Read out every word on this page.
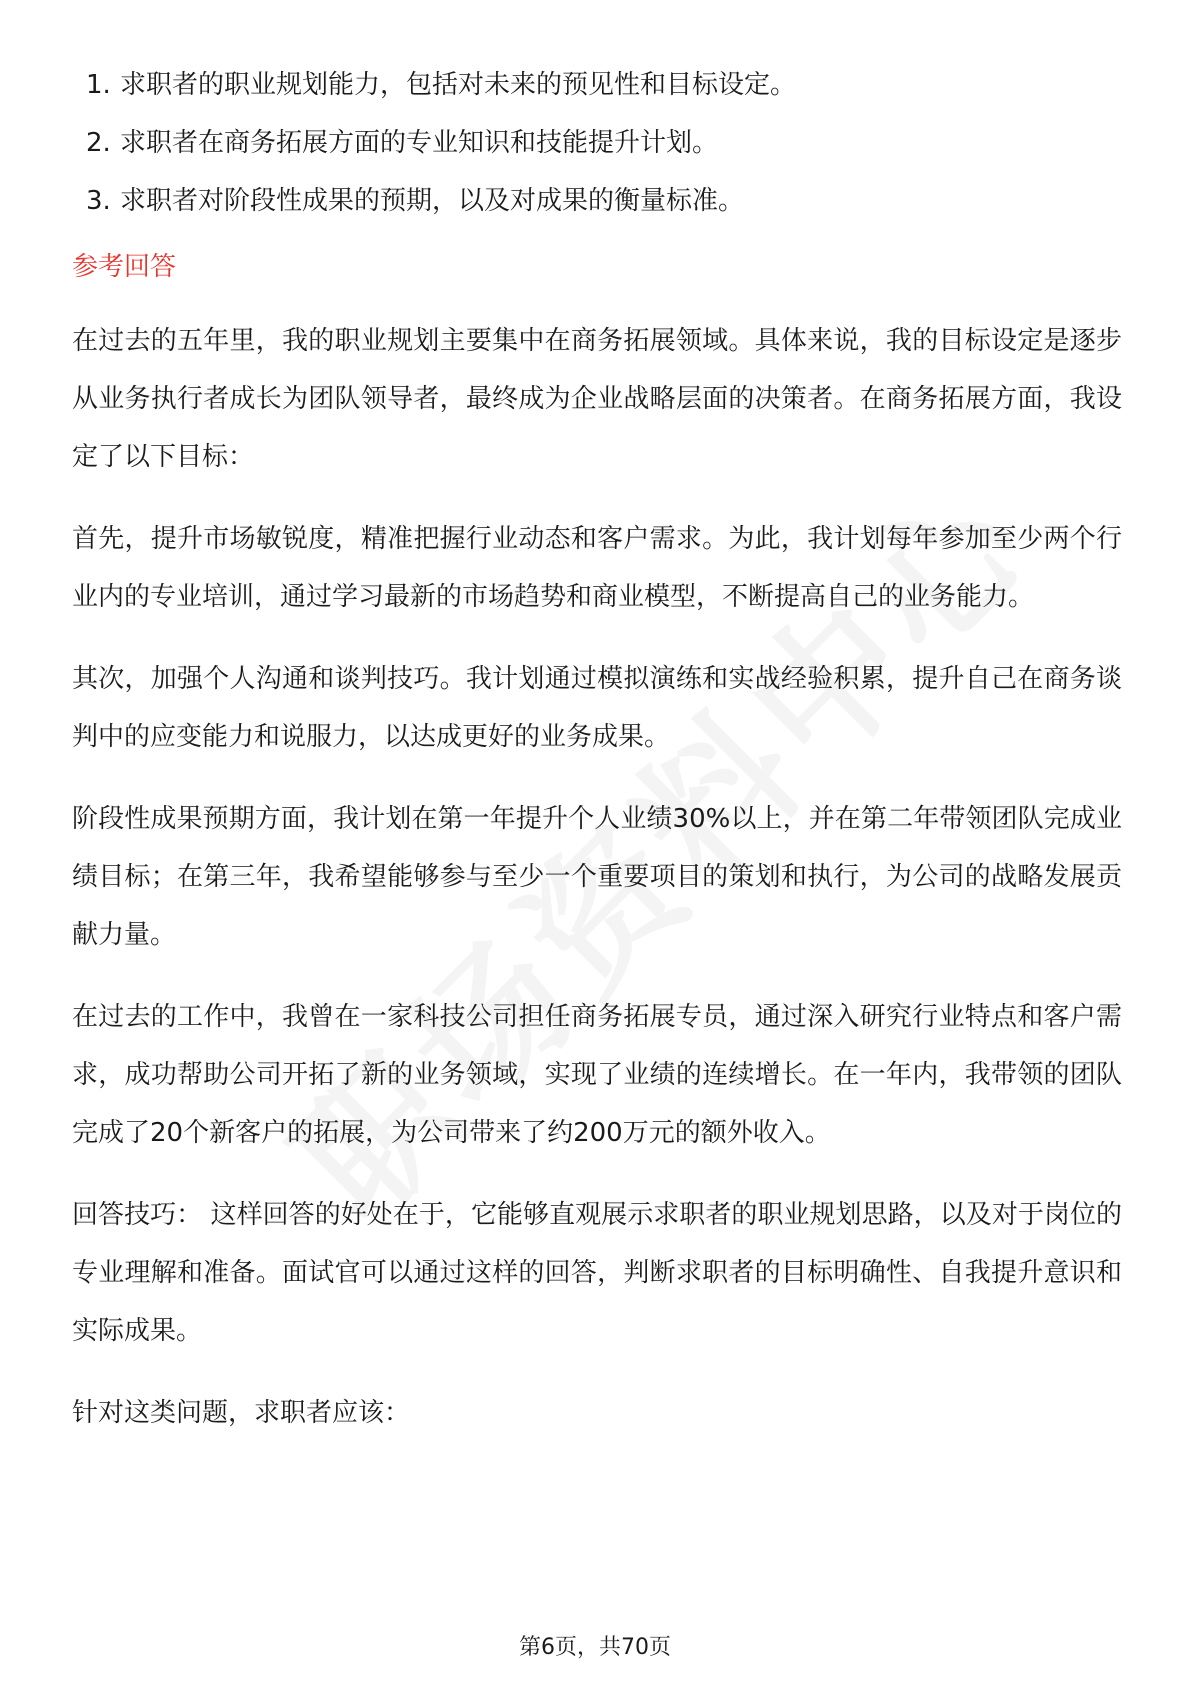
1. 求职者的职业规划能力，包括对未来的预见性和目标设定。
2. 求职者在商务拓展方面的专业知识和技能提升计划。
3. 求职者对阶段性成果的预期，以及对成果的衡量标准。
参考回答

在过去的五年里，我的职业规划主要集中在商务拓展领域。具体来说，我的目标设定是逐步从业务执行者成长为团队领导者，最终成为企业战略层面的决策者。在商务拓展方面，我设定了以下目标：

首先，提升市场敏锐度，精准把握行业动态和客户需求。为此，我计划每年参加至少两个行业内的专业培训，通过学习最新的市场趋势和商业模型，不断提高自己的业务能力。

其次，加强个人沟通和谈判技巧。我计划通过模拟演练和实战经验积累，提升自己在商务谈判中的应变能力和说服力，以达成更好的业务成果。

阶段性成果预期方面，我计划在第一年提升个人业绩30%以上，并在第二年带领团队完成业绩目标；在第三年，我希望能够参与至少一个重要项目的策划和执行，为公司的战略发展贡献力量。

在过去的工作中，我曾在一家科技公司担任商务拓展专员，通过深入研究行业特点和客户需求，成功帮助公司开拓了新的业务领域，实现了业绩的连续增长。在一年内，我带领的团队完成了20个新客户的拓展，为公司带来了约200万元的额外收入。

回答技巧： 这样回答的好处在于，它能够直观展示求职者的职业规划思路，以及对于岗位的专业理解和准备。面试官可以通过这样的回答，判断求职者的目标明确性、自我提升意识和实际成果。

针对这类问题，求职者应该：

第6页，共70页
